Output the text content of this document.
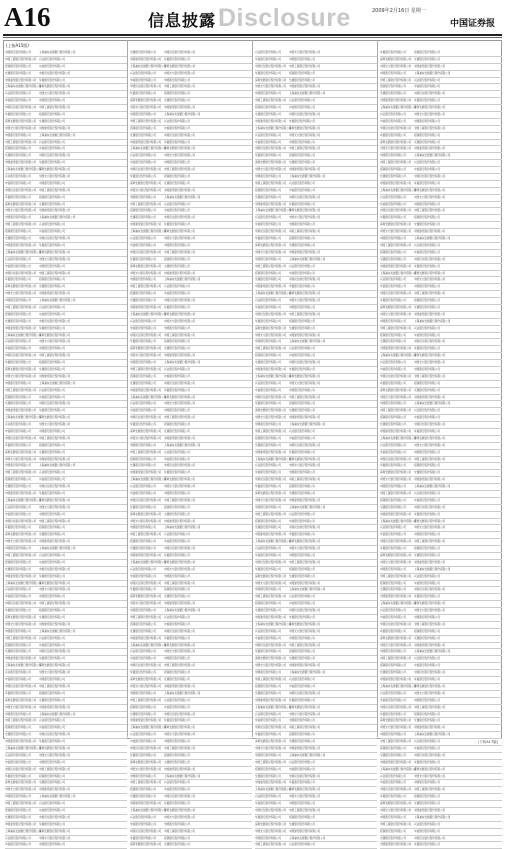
A16	信息披露 Disclosure	2009年2月16日 星期一
中国证券报
(上接A15版)
中国银行股份有限公司	上海浦东发展银行股份有限公司
中国工商银行股份有限公司	兴业银行股份有限公司
招商银行股份有限公司	中信银行股份有限公司
交通银行股份有限公司	中国民生银行股份有限公司
中国建设银行股份有限公司	华夏银行股份有限公司
上海浦东发展银行股份有限公司
深圳发展银行股份有限公司
兴业银行股份有限公司	中国光大银行股份有限公司
中信银行股份有限公司	中国银行股份有限公司
中国民生银行股份有限公司	中国工商银行股份有限公司
华夏银行股份有限公司	招商银行股份有限公司
深圳发展银行股份有限公司	交通银行股份有限公司
中国光大银行股份有限公司	中国建设银行股份有限公司
中国银行股份有限公司	上海浦东发展银行股份有限公司
中国工商银行股份有限公司	兴业银行股份有限公司
招商银行股份有限公司	中信银行股份有限公司
交通银行股份有限公司	中国民生银行股份有限公司
中国建设银行股份有限公司	华夏银行股份有限公司
上海浦东发展银行股份有限公司
深圳发展银行股份有限公司
兴业银行股份有限公司	中国光大银行股份有限公司
中信银行股份有限公司	中国银行股份有限公司
中国民生银行股份有限公司	中国工商银行股份有限公司
华夏银行股份有限公司	招商银行股份有限公司
深圳发展银行股份有限公司	交通银行股份有限公司
中国光大银行股份有限公司	中国建设银行股份有限公司
中国银行股份有限公司	上海浦东发展银行股份有限公司
中国工商银行股份有限公司	兴业银行股份有限公司
招商银行股份有限公司	中信银行股份有限公司
交通银行股份有限公司	中国民生银行股份有限公司
中国建设银行股份有限公司	华夏银行股份有限公司
上海浦东发展银行股份有限公司
深圳发展银行股份有限公司
兴业银行股份有限公司	中国光大银行股份有限公司
中信银行股份有限公司	中国银行股份有限公司
中国民生银行股份有限公司	中国工商银行股份有限公司
华夏银行股份有限公司	招商银行股份有限公司
深圳发展银行股份有限公司	交通银行股份有限公司
中国光大银行股份有限公司	中国建设银行股份有限公司
中国银行股份有限公司	上海浦东发展银行股份有限公司
中国工商银行股份有限公司	兴业银行股份有限公司
招商银行股份有限公司	中信银行股份有限公司
交通银行股份有限公司	中国民生银行股份有限公司
中国建设银行股份有限公司	华夏银行股份有限公司
上海浦东发展银行股份有限公司
深圳发展银行股份有限公司
兴业银行股份有限公司	中国光大银行股份有限公司
中信银行股份有限公司	中国银行股份有限公司
中国民生银行股份有限公司	中国工商银行股份有限公司
华夏银行股份有限公司	招商银行股份有限公司
深圳发展银行股份有限公司	交通银行股份有限公司
中国光大银行股份有限公司	中国建设银行股份有限公司
中国银行股份有限公司	上海浦东发展银行股份有限公司
中国工商银行股份有限公司	兴业银行股份有限公司
招商银行股份有限公司	中信银行股份有限公司
交通银行股份有限公司	中国民生银行股份有限公司
中国建设银行股份有限公司	华夏银行股份有限公司
上海浦东发展银行股份有限公司
深圳发展银行股份有限公司
兴业银行股份有限公司	中国光大银行股份有限公司
中信银行股份有限公司	中国银行股份有限公司
中国民生银行股份有限公司	中国工商银行股份有限公司
华夏银行股份有限公司	招商银行股份有限公司
深圳发展银行股份有限公司	交通银行股份有限公司
中国光大银行股份有限公司	中国建设银行股份有限公司
中国银行股份有限公司	上海浦东发展银行股份有限公司
中国工商银行股份有限公司	兴业银行股份有限公司
招商银行股份有限公司	中信银行股份有限公司
交通银行股份有限公司	中国民生银行股份有限公司
中国建设银行股份有限公司	华夏银行股份有限公司
上海浦东发展银行股份有限公司
深圳发展银行股份有限公司
兴业银行股份有限公司	中国光大银行股份有限公司
中信银行股份有限公司	中国银行股份有限公司
中国民生银行股份有限公司	中国工商银行股份有限公司
华夏银行股份有限公司	招商银行股份有限公司
深圳发展银行股份有限公司	交通银行股份有限公司
中国光大银行股份有限公司	中国建设银行股份有限公司
中国银行股份有限公司	上海浦东发展银行股份有限公司
中国工商银行股份有限公司	兴业银行股份有限公司
招商银行股份有限公司	中信银行股份有限公司
交通银行股份有限公司	中国民生银行股份有限公司
中国建设银行股份有限公司	华夏银行股份有限公司
上海浦东发展银行股份有限公司
深圳发展银行股份有限公司
兴业银行股份有限公司	中国光大银行股份有限公司
中信银行股份有限公司	中国银行股份有限公司
中国民生银行股份有限公司	中国工商银行股份有限公司
华夏银行股份有限公司	招商银行股份有限公司
深圳发展银行股份有限公司	交通银行股份有限公司
中国光大银行股份有限公司	中国建设银行股份有限公司
中国银行股份有限公司	上海浦东发展银行股份有限公司
中国工商银行股份有限公司	兴业银行股份有限公司
招商银行股份有限公司	中信银行股份有限公司
交通银行股份有限公司	中国民生银行股份有限公司
中国建设银行股份有限公司	华夏银行股份有限公司
上海浦东发展银行股份有限公司
深圳发展银行股份有限公司
兴业银行股份有限公司	中国光大银行股份有限公司
中信银行股份有限公司	中国银行股份有限公司
中国民生银行股份有限公司	中国工商银行股份有限公司
华夏银行股份有限公司	招商银行股份有限公司
深圳发展银行股份有限公司	交通银行股份有限公司
中国光大银行股份有限公司	中国建设银行股份有限公司
中国银行股份有限公司	上海浦东发展银行股份有限公司
中国工商银行股份有限公司	兴业银行股份有限公司
招商银行股份有限公司	中信银行股份有限公司
交通银行股份有限公司	中国民生银行股份有限公司
中国建设银行股份有限公司	华夏银行股份有限公司
上海浦东发展银行股份有限公司
深圳发展银行股份有限公司
兴业银行股份有限公司	中国光大银行股份有限公司
中信银行股份有限公司	中国银行股份有限公司
中国民生银行股份有限公司	中国工商银行股份有限公司
华夏银行股份有限公司	招商银行股份有限公司
深圳发展银行股份有限公司	交通银行股份有限公司
中国光大银行股份有限公司	中国建设银行股份有限公司
中国银行股份有限公司	上海浦东发展银行股份有限公司
中国工商银行股份有限公司	兴业银行股份有限公司
招商银行股份有限公司	中信银行股份有限公司
交通银行股份有限公司	中国民生银行股份有限公司
中国建设银行股份有限公司	华夏银行股份有限公司
上海浦东发展银行股份有限公司
深圳发展银行股份有限公司
兴业银行股份有限公司	中国光大银行股份有限公司
中信银行股份有限公司	中国银行股份有限公司
交通银行股份有限公司	中国民生银行股份有限公司
中国建设银行股份有限公司	华夏银行股份有限公司
上海浦东发展银行股份有限公司
深圳发展银行股份有限公司
兴业银行股份有限公司	中国光大银行股份有限公司
中信银行股份有限公司	中国银行股份有限公司
中国民生银行股份有限公司	中国工商银行股份有限公司
华夏银行股份有限公司	招商银行股份有限公司
深圳发展银行股份有限公司	交通银行股份有限公司
中国光大银行股份有限公司	中国建设银行股份有限公司
中国银行股份有限公司	上海浦东发展银行股份有限公司
中国工商银行股份有限公司	兴业银行股份有限公司
招商银行股份有限公司	中信银行股份有限公司
交通银行股份有限公司	中国民生银行股份有限公司
中国建设银行股份有限公司	华夏银行股份有限公司
上海浦东发展银行股份有限公司
深圳发展银行股份有限公司
兴业银行股份有限公司	中国光大银行股份有限公司
中信银行股份有限公司	中国银行股份有限公司
中国民生银行股份有限公司	中国工商银行股份有限公司
华夏银行股份有限公司	招商银行股份有限公司
深圳发展银行股份有限公司	交通银行股份有限公司
中国光大银行股份有限公司	中国建设银行股份有限公司
中国银行股份有限公司	上海浦东发展银行股份有限公司
中国工商银行股份有限公司	兴业银行股份有限公司
招商银行股份有限公司	中信银行股份有限公司
交通银行股份有限公司	中国民生银行股份有限公司
中国建设银行股份有限公司	华夏银行股份有限公司
上海浦东发展银行股份有限公司
深圳发展银行股份有限公司
兴业银行股份有限公司	中国光大银行股份有限公司
中信银行股份有限公司	中国银行股份有限公司
中国民生银行股份有限公司	中国工商银行股份有限公司
华夏银行股份有限公司	招商银行股份有限公司
深圳发展银行股份有限公司	交通银行股份有限公司
中国光大银行股份有限公司	中国建设银行股份有限公司
中国银行股份有限公司	上海浦东发展银行股份有限公司
中国工商银行股份有限公司	兴业银行股份有限公司
招商银行股份有限公司	中信银行股份有限公司
交通银行股份有限公司	中国民生银行股份有限公司
中国建设银行股份有限公司	华夏银行股份有限公司
上海浦东发展银行股份有限公司
深圳发展银行股份有限公司
兴业银行股份有限公司	中国光大银行股份有限公司
中信银行股份有限公司	中国银行股份有限公司
中国民生银行股份有限公司	中国工商银行股份有限公司
华夏银行股份有限公司	招商银行股份有限公司
深圳发展银行股份有限公司	交通银行股份有限公司
中国光大银行股份有限公司	中国建设银行股份有限公司
中国银行股份有限公司	上海浦东发展银行股份有限公司
中国工商银行股份有限公司	兴业银行股份有限公司
招商银行股份有限公司	中信银行股份有限公司
交通银行股份有限公司	中国民生银行股份有限公司
中国建设银行股份有限公司	华夏银行股份有限公司
上海浦东发展银行股份有限公司
深圳发展银行股份有限公司
兴业银行股份有限公司	中国光大银行股份有限公司
中信银行股份有限公司	中国银行股份有限公司
中国民生银行股份有限公司	中国工商银行股份有限公司
华夏银行股份有限公司	招商银行股份有限公司
深圳发展银行股份有限公司	交通银行股份有限公司
中国光大银行股份有限公司	中国建设银行股份有限公司
中国银行股份有限公司	上海浦东发展银行股份有限公司
中国工商银行股份有限公司	兴业银行股份有限公司
招商银行股份有限公司	中信银行股份有限公司
交通银行股份有限公司	中国民生银行股份有限公司
中国建设银行股份有限公司	华夏银行股份有限公司
上海浦东发展银行股份有限公司
深圳发展银行股份有限公司
兴业银行股份有限公司	中国光大银行股份有限公司
中信银行股份有限公司	中国银行股份有限公司
中国民生银行股份有限公司	中国工商银行股份有限公司
华夏银行股份有限公司	招商银行股份有限公司
深圳发展银行股份有限公司	交通银行股份有限公司
中国光大银行股份有限公司	中国建设银行股份有限公司
中国银行股份有限公司	上海浦东发展银行股份有限公司
中国工商银行股份有限公司	兴业银行股份有限公司
招商银行股份有限公司	中信银行股份有限公司
交通银行股份有限公司	中国民生银行股份有限公司
中国建设银行股份有限公司	华夏银行股份有限公司
上海浦东发展银行股份有限公司
深圳发展银行股份有限公司
兴业银行股份有限公司	中国光大银行股份有限公司
中信银行股份有限公司	中国银行股份有限公司
中国民生银行股份有限公司	中国工商银行股份有限公司
华夏银行股份有限公司	招商银行股份有限公司
深圳发展银行股份有限公司	交通银行股份有限公司
中国光大银行股份有限公司	中国建设银行股份有限公司
中国银行股份有限公司	上海浦东发展银行股份有限公司
中国工商银行股份有限公司	兴业银行股份有限公司
招商银行股份有限公司	中信银行股份有限公司
交通银行股份有限公司	中国民生银行股份有限公司
中国建设银行股份有限公司	华夏银行股份有限公司
上海浦东发展银行股份有限公司
深圳发展银行股份有限公司
兴业银行股份有限公司	中国光大银行股份有限公司
中信银行股份有限公司	中国银行股份有限公司
中国民生银行股份有限公司	中国工商银行股份有限公司
华夏银行股份有限公司	招商银行股份有限公司
深圳发展银行股份有限公司	交通银行股份有限公司
中国光大银行股份有限公司	中国建设银行股份有限公司
中国银行股份有限公司	上海浦东发展银行股份有限公司
中国工商银行股份有限公司	兴业银行股份有限公司
招商银行股份有限公司	中信银行股份有限公司
交通银行股份有限公司	中国民生银行股份有限公司
中国建设银行股份有限公司	华夏银行股份有限公司
上海浦东发展银行股份有限公司
深圳发展银行股份有限公司
兴业银行股份有限公司	中国光大银行股份有限公司
中信银行股份有限公司	中国银行股份有限公司
中国民生银行股份有限公司	中国工商银行股份有限公司
华夏银行股份有限公司	招商银行股份有限公司
深圳发展银行股份有限公司	交通银行股份有限公司
中国光大银行股份有限公司	中国建设银行股份有限公司
中国银行股份有限公司	上海浦东发展银行股份有限公司
中国工商银行股份有限公司	兴业银行股份有限公司
招商银行股份有限公司	中信银行股份有限公司
交通银行股份有限公司	中国民生银行股份有限公司
中国建设银行股份有限公司	华夏银行股份有限公司
上海浦东发展银行股份有限公司
深圳发展银行股份有限公司
兴业银行股份有限公司	中国光大银行股份有限公司
中信银行股份有限公司	中国银行股份有限公司
中国民生银行股份有限公司	中国工商银行股份有限公司
华夏银行股份有限公司	招商银行股份有限公司
深圳发展银行股份有限公司	交通银行股份有限公司
兴业银行股份有限公司	中国光大银行股份有限公司
中信银行股份有限公司	中国银行股份有限公司
中国民生银行股份有限公司	中国工商银行股份有限公司
华夏银行股份有限公司	招商银行股份有限公司
深圳发展银行股份有限公司	交通银行股份有限公司
中国光大银行股份有限公司	中国建设银行股份有限公司
中国银行股份有限公司	上海浦东发展银行股份有限公司
中国工商银行股份有限公司	兴业银行股份有限公司
招商银行股份有限公司	中信银行股份有限公司
交通银行股份有限公司	中国民生银行股份有限公司
中国建设银行股份有限公司	华夏银行股份有限公司
上海浦东发展银行股份有限公司
深圳发展银行股份有限公司
兴业银行股份有限公司	中国光大银行股份有限公司
中信银行股份有限公司	中国银行股份有限公司
中国民生银行股份有限公司	中国工商银行股份有限公司
华夏银行股份有限公司	招商银行股份有限公司
深圳发展银行股份有限公司	交通银行股份有限公司
中国光大银行股份有限公司	中国建设银行股份有限公司
中国银行股份有限公司	上海浦东发展银行股份有限公司
中国工商银行股份有限公司	兴业银行股份有限公司
招商银行股份有限公司	中信银行股份有限公司
交通银行股份有限公司	中国民生银行股份有限公司
中国建设银行股份有限公司	华夏银行股份有限公司
上海浦东发展银行股份有限公司
深圳发展银行股份有限公司
兴业银行股份有限公司	中国光大银行股份有限公司
中信银行股份有限公司	中国银行股份有限公司
中国民生银行股份有限公司	中国工商银行股份有限公司
华夏银行股份有限公司	招商银行股份有限公司
深圳发展银行股份有限公司	交通银行股份有限公司
中国光大银行股份有限公司	中国建设银行股份有限公司
中国银行股份有限公司	上海浦东发展银行股份有限公司
中国工商银行股份有限公司	兴业银行股份有限公司
招商银行股份有限公司	中信银行股份有限公司
交通银行股份有限公司	中国民生银行股份有限公司
中国建设银行股份有限公司	华夏银行股份有限公司
上海浦东发展银行股份有限公司
深圳发展银行股份有限公司
兴业银行股份有限公司	中国光大银行股份有限公司
中信银行股份有限公司	中国银行股份有限公司
中国民生银行股份有限公司	中国工商银行股份有限公司
华夏银行股份有限公司	招商银行股份有限公司
深圳发展银行股份有限公司	交通银行股份有限公司
中国光大银行股份有限公司	中国建设银行股份有限公司
中国银行股份有限公司	上海浦东发展银行股份有限公司
中国工商银行股份有限公司	兴业银行股份有限公司
招商银行股份有限公司	中信银行股份有限公司
交通银行股份有限公司	中国民生银行股份有限公司
中国建设银行股份有限公司	华夏银行股份有限公司
上海浦东发展银行股份有限公司
深圳发展银行股份有限公司
兴业银行股份有限公司	中国光大银行股份有限公司
中信银行股份有限公司	中国银行股份有限公司
中国民生银行股份有限公司	中国工商银行股份有限公司
华夏银行股份有限公司	招商银行股份有限公司
深圳发展银行股份有限公司	交通银行股份有限公司
中国光大银行股份有限公司	中国建设银行股份有限公司
中国银行股份有限公司	上海浦东发展银行股份有限公司
中国工商银行股份有限公司	兴业银行股份有限公司
招商银行股份有限公司	中信银行股份有限公司
交通银行股份有限公司	中国民生银行股份有限公司
中国建设银行股份有限公司	华夏银行股份有限公司
上海浦东发展银行股份有限公司
深圳发展银行股份有限公司
兴业银行股份有限公司	中国光大银行股份有限公司
中信银行股份有限公司	中国银行股份有限公司
中国民生银行股份有限公司	中国工商银行股份有限公司
华夏银行股份有限公司	招商银行股份有限公司
深圳发展银行股份有限公司	交通银行股份有限公司
中国光大银行股份有限公司	中国建设银行股份有限公司
中国银行股份有限公司	上海浦东发展银行股份有限公司
中国工商银行股份有限公司	兴业银行股份有限公司
招商银行股份有限公司	中信银行股份有限公司
交通银行股份有限公司	中国民生银行股份有限公司
中国建设银行股份有限公司	华夏银行股份有限公司
上海浦东发展银行股份有限公司
深圳发展银行股份有限公司
兴业银行股份有限公司	中国光大银行股份有限公司
中信银行股份有限公司	中国银行股份有限公司
中国民生银行股份有限公司	中国工商银行股份有限公司
华夏银行股份有限公司	招商银行股份有限公司
深圳发展银行股份有限公司	交通银行股份有限公司
中国光大银行股份有限公司	中国建设银行股份有限公司
中国银行股份有限公司	上海浦东发展银行股份有限公司
中国工商银行股份有限公司	兴业银行股份有限公司
招商银行股份有限公司	中信银行股份有限公司
交通银行股份有限公司	中国民生银行股份有限公司
中国建设银行股份有限公司	华夏银行股份有限公司
上海浦东发展银行股份有限公司
深圳发展银行股份有限公司
兴业银行股份有限公司	中国光大银行股份有限公司
中信银行股份有限公司	中国银行股份有限公司
中国民生银行股份有限公司	中国工商银行股份有限公司
华夏银行股份有限公司	招商银行股份有限公司
深圳发展银行股份有限公司	交通银行股份有限公司
中国光大银行股份有限公司	中国建设银行股份有限公司
中国银行股份有限公司	上海浦东发展银行股份有限公司
中国工商银行股份有限公司	兴业银行股份有限公司
招商银行股份有限公司	中信银行股份有限公司
交通银行股份有限公司	中国民生银行股份有限公司
中国建设银行股份有限公司	华夏银行股份有限公司
上海浦东发展银行股份有限公司
深圳发展银行股份有限公司
兴业银行股份有限公司	中国光大银行股份有限公司
中信银行股份有限公司	中国银行股份有限公司
中国民生银行股份有限公司	中国工商银行股份有限公司
华夏银行股份有限公司	招商银行股份有限公司
深圳发展银行股份有限公司	交通银行股份有限公司
中国光大银行股份有限公司	中国建设银行股份有限公司
中国银行股份有限公司	上海浦东发展银行股份有限公司
中国工商银行股份有限公司	兴业银行股份有限公司
招商银行股份有限公司	中信银行股份有限公司
交通银行股份有限公司	中国民生银行股份有限公司
中国建设银行股份有限公司	华夏银行股份有限公司
上海浦东发展银行股份有限公司
深圳发展银行股份有限公司
兴业银行股份有限公司	中国光大银行股份有限公司
中信银行股份有限公司	中国银行股份有限公司
中国民生银行股份有限公司	中国工商银行股份有限公司
华夏银行股份有限公司	招商银行股份有限公司
深圳发展银行股份有限公司	交通银行股份有限公司
中国光大银行股份有限公司	中国建设银行股份有限公司
中国银行股份有限公司	上海浦东发展银行股份有限公司
中国工商银行股份有限公司	兴业银行股份有限公司
华夏银行股份有限公司	招商银行股份有限公司
深圳发展银行股份有限公司	交通银行股份有限公司
中国光大银行股份有限公司	中国建设银行股份有限公司
中国银行股份有限公司	上海浦东发展银行股份有限公司
中国工商银行股份有限公司	兴业银行股份有限公司
招商银行股份有限公司	中信银行股份有限公司
交通银行股份有限公司	中国民生银行股份有限公司
中国建设银行股份有限公司	华夏银行股份有限公司
上海浦东发展银行股份有限公司
深圳发展银行股份有限公司
兴业银行股份有限公司	中国光大银行股份有限公司
中信银行股份有限公司	中国银行股份有限公司
中国民生银行股份有限公司	中国工商银行股份有限公司
华夏银行股份有限公司	招商银行股份有限公司
深圳发展银行股份有限公司	交通银行股份有限公司
中国光大银行股份有限公司	中国建设银行股份有限公司
中国银行股份有限公司	上海浦东发展银行股份有限公司
中国工商银行股份有限公司	兴业银行股份有限公司
招商银行股份有限公司	中信银行股份有限公司
交通银行股份有限公司	中国民生银行股份有限公司
中国建设银行股份有限公司	华夏银行股份有限公司
上海浦东发展银行股份有限公司
深圳发展银行股份有限公司
兴业银行股份有限公司	中国光大银行股份有限公司
中信银行股份有限公司	中国银行股份有限公司
中国民生银行股份有限公司	中国工商银行股份有限公司
华夏银行股份有限公司	招商银行股份有限公司
深圳发展银行股份有限公司	交通银行股份有限公司
中国光大银行股份有限公司	中国建设银行股份有限公司
中国银行股份有限公司	上海浦东发展银行股份有限公司
中国工商银行股份有限公司	兴业银行股份有限公司
招商银行股份有限公司	中信银行股份有限公司
交通银行股份有限公司	中国民生银行股份有限公司
中国建设银行股份有限公司	华夏银行股份有限公司
上海浦东发展银行股份有限公司
深圳发展银行股份有限公司
兴业银行股份有限公司	中国光大银行股份有限公司
中信银行股份有限公司	中国银行股份有限公司
中国民生银行股份有限公司	中国工商银行股份有限公司
华夏银行股份有限公司	招商银行股份有限公司
深圳发展银行股份有限公司	交通银行股份有限公司
中国光大银行股份有限公司	中国建设银行股份有限公司
中国银行股份有限公司	上海浦东发展银行股份有限公司
中国工商银行股份有限公司	兴业银行股份有限公司
招商银行股份有限公司	中信银行股份有限公司
交通银行股份有限公司	中国民生银行股份有限公司
中国建设银行股份有限公司	华夏银行股份有限公司
上海浦东发展银行股份有限公司
深圳发展银行股份有限公司
兴业银行股份有限公司	中国光大银行股份有限公司
中信银行股份有限公司	中国银行股份有限公司
中国民生银行股份有限公司	中国工商银行股份有限公司
华夏银行股份有限公司	招商银行股份有限公司
深圳发展银行股份有限公司	交通银行股份有限公司
中国光大银行股份有限公司	中国建设银行股份有限公司
中国银行股份有限公司	上海浦东发展银行股份有限公司
中国工商银行股份有限公司	兴业银行股份有限公司
招商银行股份有限公司	中信银行股份有限公司
交通银行股份有限公司	中国民生银行股份有限公司
中国建设银行股份有限公司	华夏银行股份有限公司
上海浦东发展银行股份有限公司
深圳发展银行股份有限公司
兴业银行股份有限公司	中国光大银行股份有限公司
中信银行股份有限公司	中国银行股份有限公司
中国民生银行股份有限公司	中国工商银行股份有限公司
华夏银行股份有限公司	招商银行股份有限公司
深圳发展银行股份有限公司	交通银行股份有限公司
中国光大银行股份有限公司	中国建设银行股份有限公司
中国银行股份有限公司	上海浦东发展银行股份有限公司
中国工商银行股份有限公司	兴业银行股份有限公司
招商银行股份有限公司	中信银行股份有限公司
交通银行股份有限公司	中国民生银行股份有限公司
中国建设银行股份有限公司	华夏银行股份有限公司
上海浦东发展银行股份有限公司
深圳发展银行股份有限公司
兴业银行股份有限公司	中国光大银行股份有限公司
中信银行股份有限公司	中国银行股份有限公司
中国民生银行股份有限公司	中国工商银行股份有限公司
华夏银行股份有限公司	招商银行股份有限公司
深圳发展银行股份有限公司	交通银行股份有限公司
中国光大银行股份有限公司	中国建设银行股份有限公司
中国银行股份有限公司	上海浦东发展银行股份有限公司
中国工商银行股份有限公司	兴业银行股份有限公司
招商银行股份有限公司	中信银行股份有限公司
交通银行股份有限公司	中国民生银行股份有限公司
中国建设银行股份有限公司	华夏银行股份有限公司
上海浦东发展银行股份有限公司
深圳发展银行股份有限公司
兴业银行股份有限公司	中国光大银行股份有限公司
中信银行股份有限公司	中国银行股份有限公司
中国民生银行股份有限公司	中国工商银行股份有限公司
华夏银行股份有限公司	招商银行股份有限公司
深圳发展银行股份有限公司	交通银行股份有限公司
中国光大银行股份有限公司	中国建设银行股份有限公司
中国银行股份有限公司	上海浦东发展银行股份有限公司
中国工商银行股份有限公司	兴业银行股份有限公司
招商银行股份有限公司	中信银行股份有限公司
交通银行股份有限公司	中国民生银行股份有限公司
中国建设银行股份有限公司	华夏银行股份有限公司
上海浦东发展银行股份有限公司
深圳发展银行股份有限公司
兴业银行股份有限公司	中国光大银行股份有限公司
中信银行股份有限公司	中国银行股份有限公司
中国民生银行股份有限公司	中国工商银行股份有限公司
华夏银行股份有限公司	招商银行股份有限公司
深圳发展银行股份有限公司	交通银行股份有限公司
中国光大银行股份有限公司	中国建设银行股份有限公司
中国银行股份有限公司	上海浦东发展银行股份有限公司
中国工商银行股份有限公司	兴业银行股份有限公司
招商银行股份有限公司	中信银行股份有限公司
交通银行股份有限公司	中国民生银行股份有限公司
中国建设银行股份有限公司	华夏银行股份有限公司
上海浦东发展银行股份有限公司
深圳发展银行股份有限公司
兴业银行股份有限公司	中国光大银行股份有限公司
中信银行股份有限公司	中国银行股份有限公司
中国民生银行股份有限公司	中国工商银行股份有限公司
华夏银行股份有限公司	招商银行股份有限公司
深圳发展银行股份有限公司	交通银行股份有限公司
中国光大银行股份有限公司	中国建设银行股份有限公司
中国银行股份有限公司	上海浦东发展银行股份有限公司
中国工商银行股份有限公司	兴业银行股份有限公司
招商银行股份有限公司	中信银行股份有限公司
交通银行股份有限公司	中国民生银行股份有限公司
中国建设银行股份有限公司	华夏银行股份有限公司
(下转A17版)
